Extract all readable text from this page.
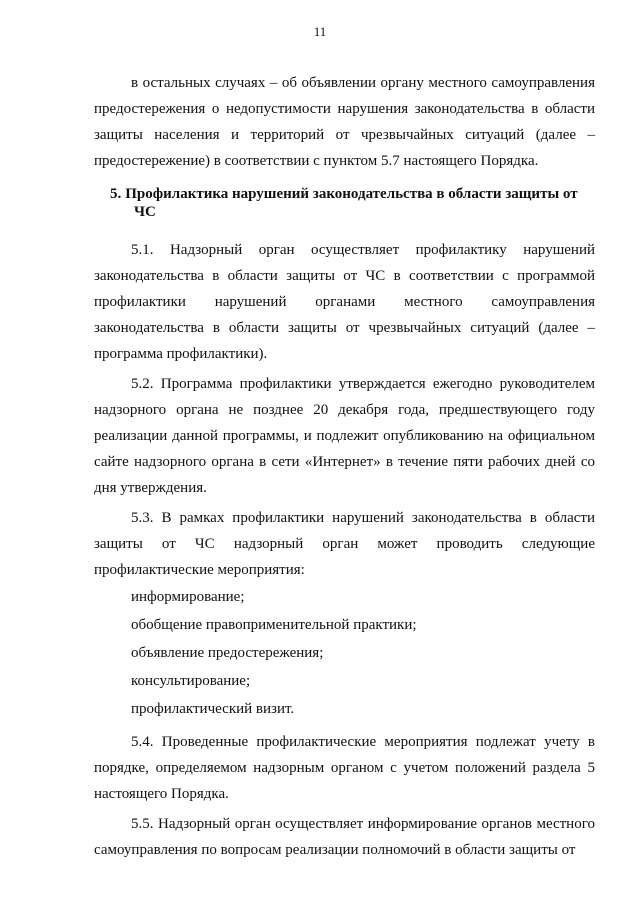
11

в остальных случаях – об объявлении органу местного самоуправления предостережения о недопустимости нарушения законодательства в области защиты населения и территорий от чрезвычайных ситуаций (далее – предостережение) в соответствии с пунктом 5.7 настоящего Порядка.

5. Профилактика нарушений законодательства в области защиты от ЧС

5.1. Надзорный орган осуществляет профилактику нарушений законодательства в области защиты от ЧС в соответствии с программой профилактики нарушений органами местного самоуправления законодательства в области защиты от чрезвычайных ситуаций (далее – программа профилактики).

5.2. Программа профилактики утверждается ежегодно руководителем надзорного органа не позднее 20 декабря года, предшествующего году реализации данной программы, и подлежит опубликованию на официальном сайте надзорного органа в сети «Интернет» в течение пяти рабочих дней со дня утверждения.

5.3. В рамках профилактики нарушений законодательства в области защиты от ЧС надзорный орган может проводить следующие профилактические мероприятия:

информирование;
обобщение правоприменительной практики;
объявление предостережения;
консультирование;
профилактический визит.

5.4. Проведенные профилактические мероприятия подлежат учету в порядке, определяемом надзорным органом с учетом положений раздела 5 настоящего Порядка.

5.5. Надзорный орган осуществляет информирование органов местного самоуправления по вопросам реализации полномочий в области защиты от
